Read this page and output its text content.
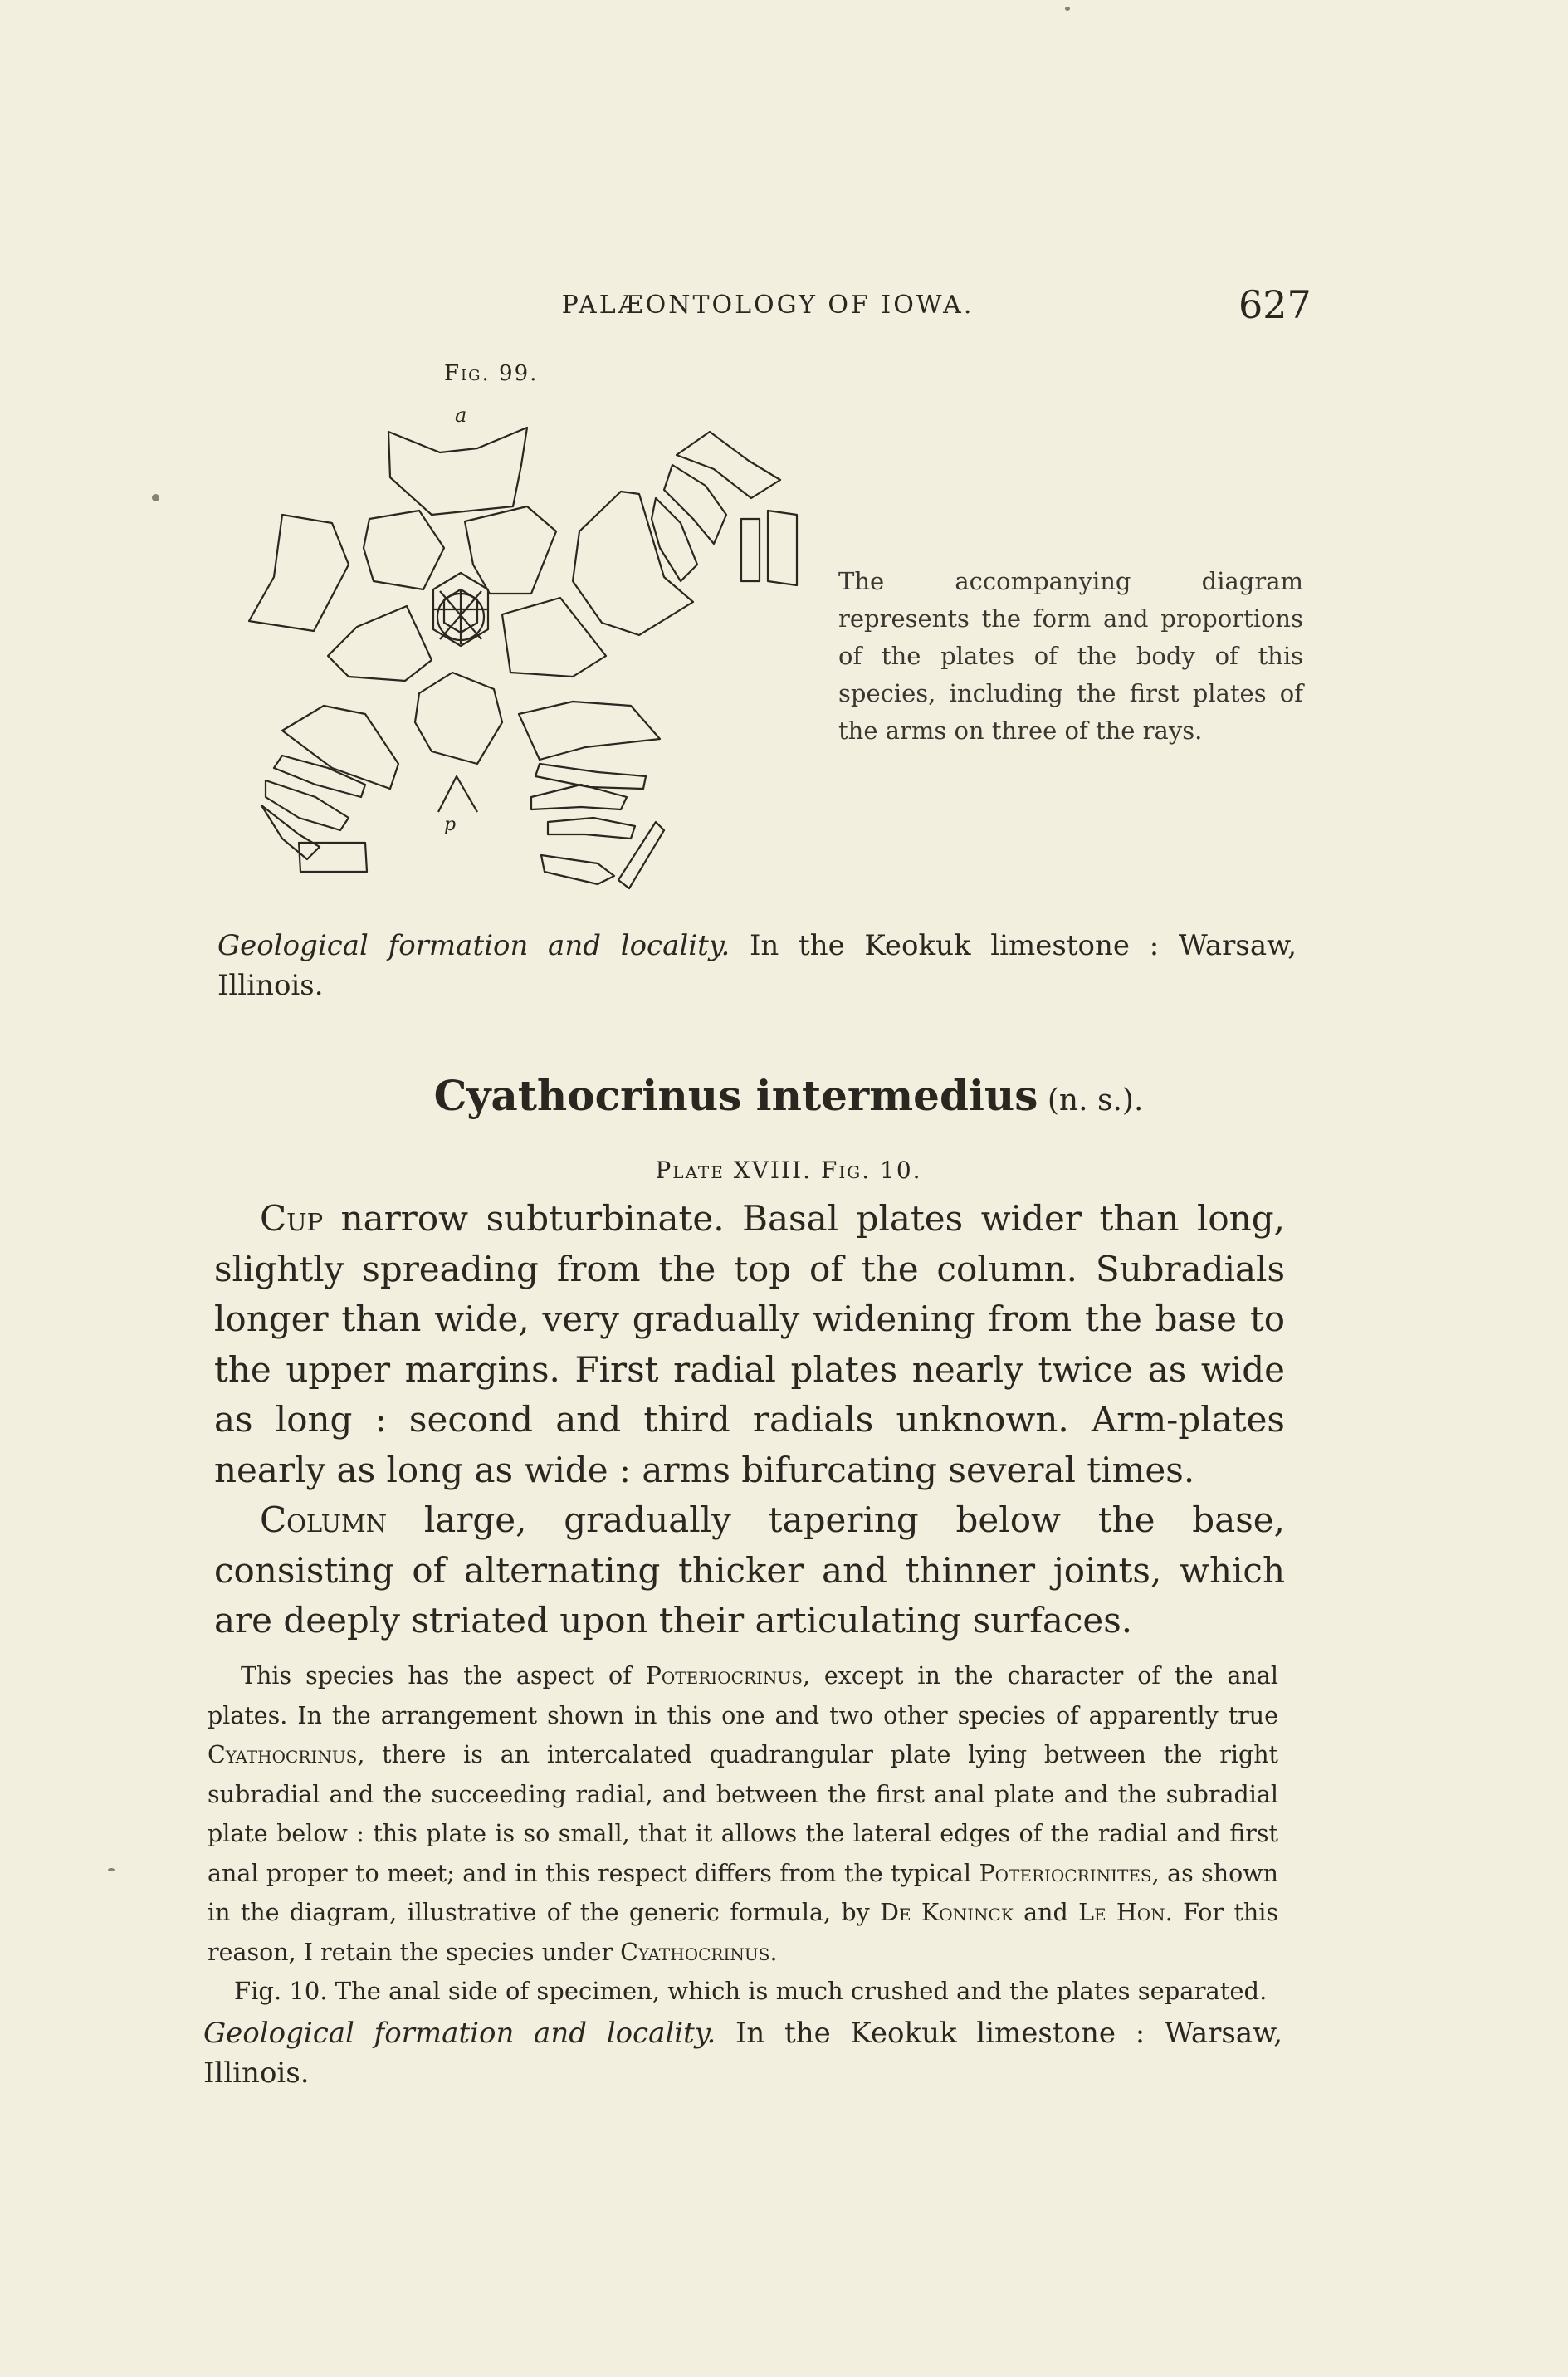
PALÆONTOLOGY OF IOWA.	627
Fig. 99.
a
p
The accompanying diagram represents the form and proportions of the plates of the body of this species, including the first plates of the arms on three of the rays.
Geological formation and locality. In the Keokuk limestone : Warsaw, Illinois.
Cyathocrinus intermedius (n. s.).
Plate XVIII. Fig. 10.

Cup narrow subturbinate. Basal plates wider than long, slightly spreading from the top of the column. Subradials longer than wide, very gradually widening from the base to the upper margins. First radial plates nearly twice as wide as long : second and third radials unknown. Arm-plates nearly as long as wide : arms bifurcating several times.

Column large, gradually tapering below the base, consisting of alternating thicker and thinner joints, which are deeply striated upon their articulating surfaces.

This species has the aspect of Poteriocrinus, except in the character of the anal plates. In the arrangement shown in this one and two other species of apparently true Cyathocrinus, there is an intercalated quadrangular plate lying between the right subradial and the succeeding radial, and between the first anal plate and the subradial plate below : this plate is so small, that it allows the lateral edges of the radial and first anal proper to meet; and in this respect differs from the typical Poteriocrinites, as shown in the diagram, illustrative of the generic formula, by De Koninck and Le Hon. For this reason, I retain the species under Cyathocrinus.

Fig. 10. The anal side of specimen, which is much crushed and the plates separated.
Geological formation and locality. In the Keokuk limestone : Warsaw, Illinois.
